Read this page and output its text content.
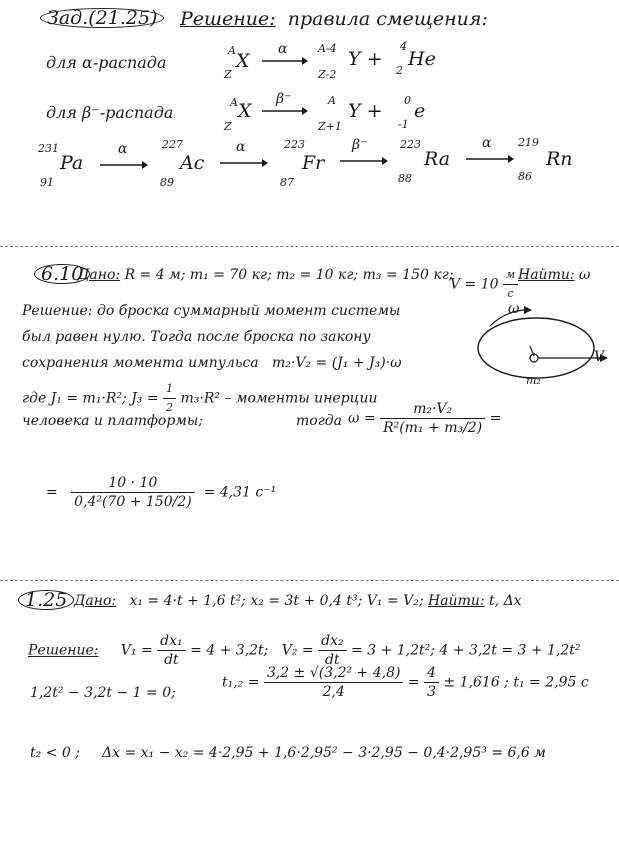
Зад.(21.25)	Решение: правила смещения:
для α-распада
A
Z
X
α	A-4
Z-2
Y +
4
2
He
для β⁻-распада
A
Z
X
β⁻	A
Z+1
Y + 0
-1
e
231
91
Pa
α	227
89
Ac
α	223
87
Fr
β⁻	223
88
Ra
α 219
86
Rn
6.10
Дано: R = 4 м; m₁ = 70 кг; m₂ = 10 кг; m₃ = 150 кг;
$V = 10 \frac{м}{с}$ Найти: ω
Решение: до броска суммарный момент системы
был равен нулю. Тогда после броска по закону
сохранения момента импульса m₂·V₂ = (J₁ + J₃)·ω
где J₁ = m₁·R²; $J_3 = \frac{1}{2} m_3\cdot R^2$ – моменты инерции
человека и платформы;	тогда $\omega = \frac{\text{m₂·V₂}}{\text{R²(m₁ + m₃/2)}}$ =
= $\frac{10 \cdot 10}{\text{0,4²(70 + 150/2)}} = 4,31$ с⁻¹
ω
V
m₂
1.25 Дано: x₁ = 4·t + 1,6 t²; x₂ = 3t + 0,4 t³; V₁ = V₂; Найти: t, Δx
Решение: $V_1 = \frac{\text{dx₁}}{dt} = 4 + 3,2t$; $V_2 = \frac{\text{dx₂}}{dt} = 3 + 1,2t^2$; 4 + 3,2t = 3 + 1,2t²
1,2t² − 3,2t − 1 = 0;
$t_1,_2 = \frac{\text{3,2 ± √(3,2² + 4,8)}}{2,4} = \frac{4}{3} \pm 1,616$ ; t₁ = 2,95 с
t₂ < 0 ; Δx = x₁ − x₂ = 4·2,95 + 1,6·2,95² − 3·2,95 − 0,4·2,95³ = 6,6 м
